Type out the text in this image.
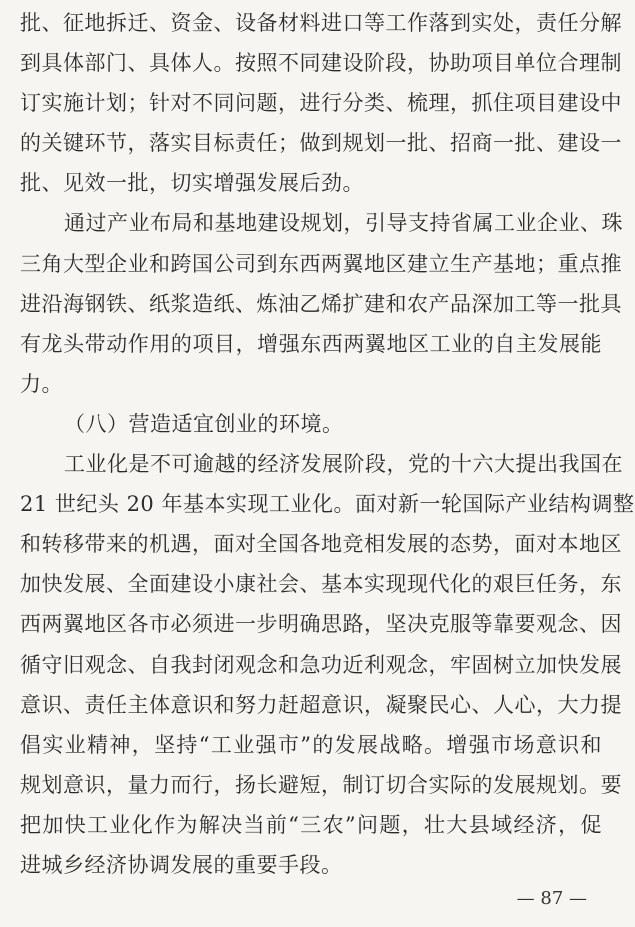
批、征地拆迁、资金、设备材料进口等工作落到实处，责任分解
到具体部门、具体人。按照不同建设阶段，协助项目单位合理制
订实施计划；针对不同问题，进行分类、梳理，抓住项目建设中
的关键环节，落实目标责任；做到规划一批、招商一批、建设一
批、见效一批，切实增强发展后劲。
通过产业布局和基地建设规划，引导支持省属工业企业、珠
三角大型企业和跨国公司到东西两翼地区建立生产基地；重点推
进沿海钢铁、纸浆造纸、炼油乙烯扩建和农产品深加工等一批具
有龙头带动作用的项目，增强东西两翼地区工业的自主发展能
力。
（八）营造适宜创业的环境。
工业化是不可逾越的经济发展阶段，党的十六大提出我国在
21 世纪头 20 年基本实现工业化。面对新一轮国际产业结构调整
和转移带来的机遇，面对全国各地竞相发展的态势，面对本地区
加快发展、全面建设小康社会、基本实现现代化的艰巨任务，东
西两翼地区各市必须进一步明确思路，坚决克服等靠要观念、因
循守旧观念、自我封闭观念和急功近利观念，牢固树立加快发展
意识、责任主体意识和努力赶超意识，凝聚民心、人心，大力提
倡实业精神，坚持“工业强市”的发展战略。增强市场意识和
规划意识，量力而行，扬长避短，制订切合实际的发展规划。要
把加快工业化作为解决当前“三农”问题，壮大县域经济，促
进城乡经济协调发展的重要手段。
— 87 —
